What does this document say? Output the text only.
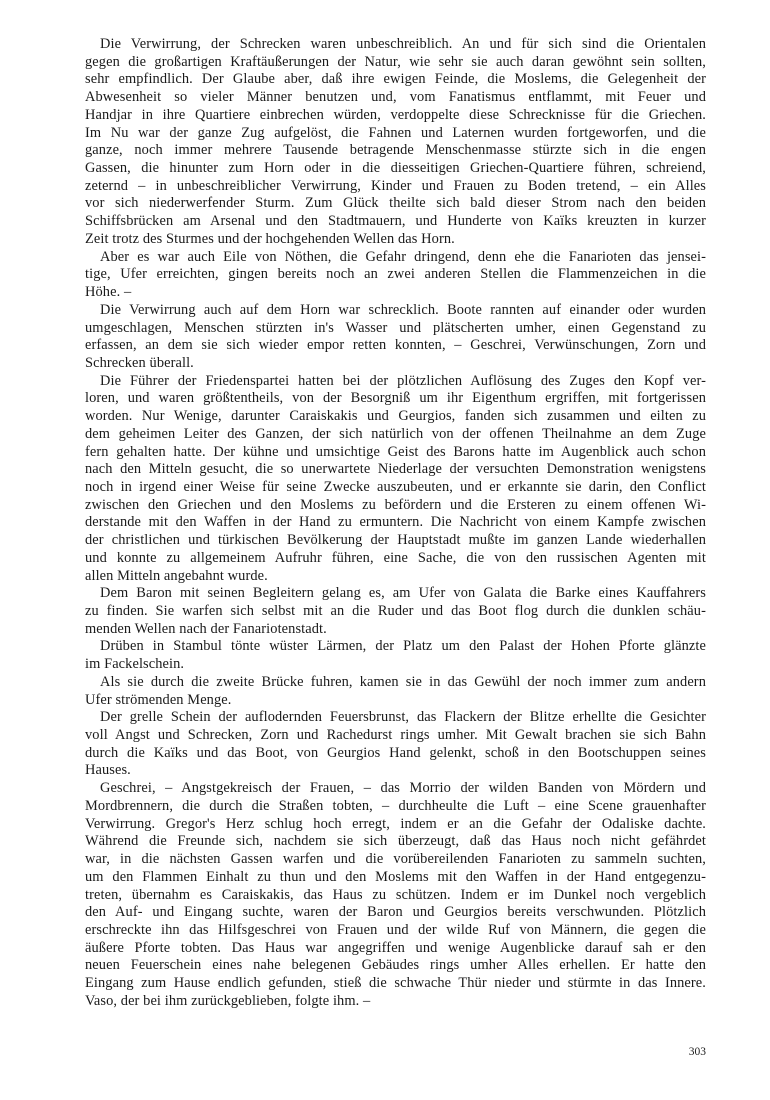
Die Verwirrung, der Schrecken waren unbeschreiblich. An und für sich sind die Orientalen
gegen die großartigen Kraftäußerungen der Natur, wie sehr sie auch daran gewöhnt sein sollten,
sehr empfindlich. Der Glaube aber, daß ihre ewigen Feinde, die Moslems, die Gelegenheit der
Abwesenheit so vieler Männer benutzen und, vom Fanatismus entflammt, mit Feuer und
Handjar in ihre Quartiere einbrechen würden, verdoppelte diese Schrecknisse für die Griechen.
Im Nu war der ganze Zug aufgelöst, die Fahnen und Laternen wurden fortgeworfen, und die
ganze, noch immer mehrere Tausende betragende Menschenmasse stürzte sich in die engen
Gassen, die hinunter zum Horn oder in die diesseitigen Griechen-Quartiere führen, schreiend,
zeternd – in unbeschreiblicher Verwirrung, Kinder und Frauen zu Boden tretend, – ein Alles
vor sich niederwerfender Sturm. Zum Glück theilte sich bald dieser Strom nach den beiden
Schiffsbrücken am Arsenal und den Stadtmauern, und Hunderte von Kaïks kreuzten in kurzer
Zeit trotz des Sturmes und der hochgehenden Wellen das Horn.
Aber es war auch Eile von Nöthen, die Gefahr dringend, denn ehe die Fanarioten das jensei-
tige, Ufer erreichten, gingen bereits noch an zwei anderen Stellen die Flammenzeichen in die
Höhe. –
Die Verwirrung auch auf dem Horn war schrecklich. Boote rannten auf einander oder wurden
umgeschlagen, Menschen stürzten in's Wasser und plätscherten umher, einen Gegenstand zu
erfassen, an dem sie sich wieder empor retten konnten, – Geschrei, Verwünschungen, Zorn und
Schrecken überall.
Die Führer der Friedenspartei hatten bei der plötzlichen Auflösung des Zuges den Kopf ver-
loren, und waren größtentheils, von der Besorgniß um ihr Eigenthum ergriffen, mit fortgerissen
worden. Nur Wenige, darunter Caraiskakis und Geurgios, fanden sich zusammen und eilten zu
dem geheimen Leiter des Ganzen, der sich natürlich von der offenen Theilnahme an dem Zuge
fern gehalten hatte. Der kühne und umsichtige Geist des Barons hatte im Augenblick auch schon
nach den Mitteln gesucht, die so unerwartete Niederlage der versuchten Demonstration wenigstens
noch in irgend einer Weise für seine Zwecke auszubeuten, und er erkannte sie darin, den Conflict
zwischen den Griechen und den Moslems zu befördern und die Ersteren zu einem offenen Wi-
derstande mit den Waffen in der Hand zu ermuntern. Die Nachricht von einem Kampfe zwischen
der christlichen und türkischen Bevölkerung der Hauptstadt mußte im ganzen Lande wiederhallen
und konnte zu allgemeinem Aufruhr führen, eine Sache, die von den russischen Agenten mit
allen Mitteln angebahnt wurde.
Dem Baron mit seinen Begleitern gelang es, am Ufer von Galata die Barke eines Kauffahrers
zu finden. Sie warfen sich selbst mit an die Ruder und das Boot flog durch die dunklen schäu-
menden Wellen nach der Fanariotenstadt.
Drüben in Stambul tönte wüster Lärmen, der Platz um den Palast der Hohen Pforte glänzte
im Fackelschein.
Als sie durch die zweite Brücke fuhren, kamen sie in das Gewühl der noch immer zum andern
Ufer strömenden Menge.
Der grelle Schein der auflodernden Feuersbrunst, das Flackern der Blitze erhellte die Gesichter
voll Angst und Schrecken, Zorn und Rachedurst rings umher. Mit Gewalt brachen sie sich Bahn
durch die Kaïks und das Boot, von Geurgios Hand gelenkt, schoß in den Bootschuppen seines
Hauses.
Geschrei, – Angstgekreisch der Frauen, – das Morrio der wilden Banden von Mördern und
Mordbrennern, die durch die Straßen tobten, – durchheulte die Luft – eine Scene grauenhafter
Verwirrung. Gregor's Herz schlug hoch erregt, indem er an die Gefahr der Odaliske dachte.
Während die Freunde sich, nachdem sie sich überzeugt, daß das Haus noch nicht gefährdet
war, in die nächsten Gassen warfen und die vorübereilenden Fanarioten zu sammeln suchten,
um den Flammen Einhalt zu thun und den Moslems mit den Waffen in der Hand entgegenzu-
treten, übernahm es Caraiskakis, das Haus zu schützen. Indem er im Dunkel noch vergeblich
den Auf- und Eingang suchte, waren der Baron und Geurgios bereits verschwunden. Plötzlich
erschreckte ihn das Hilfsgeschrei von Frauen und der wilde Ruf von Männern, die gegen die
äußere Pforte tobten. Das Haus war angegriffen und wenige Augenblicke darauf sah er den
neuen Feuerschein eines nahe belegenen Gebäudes rings umher Alles erhellen. Er hatte den
Eingang zum Hause endlich gefunden, stieß die schwache Thür nieder und stürmte in das Innere.
Vaso, der bei ihm zurückgeblieben, folgte ihm. –
303
